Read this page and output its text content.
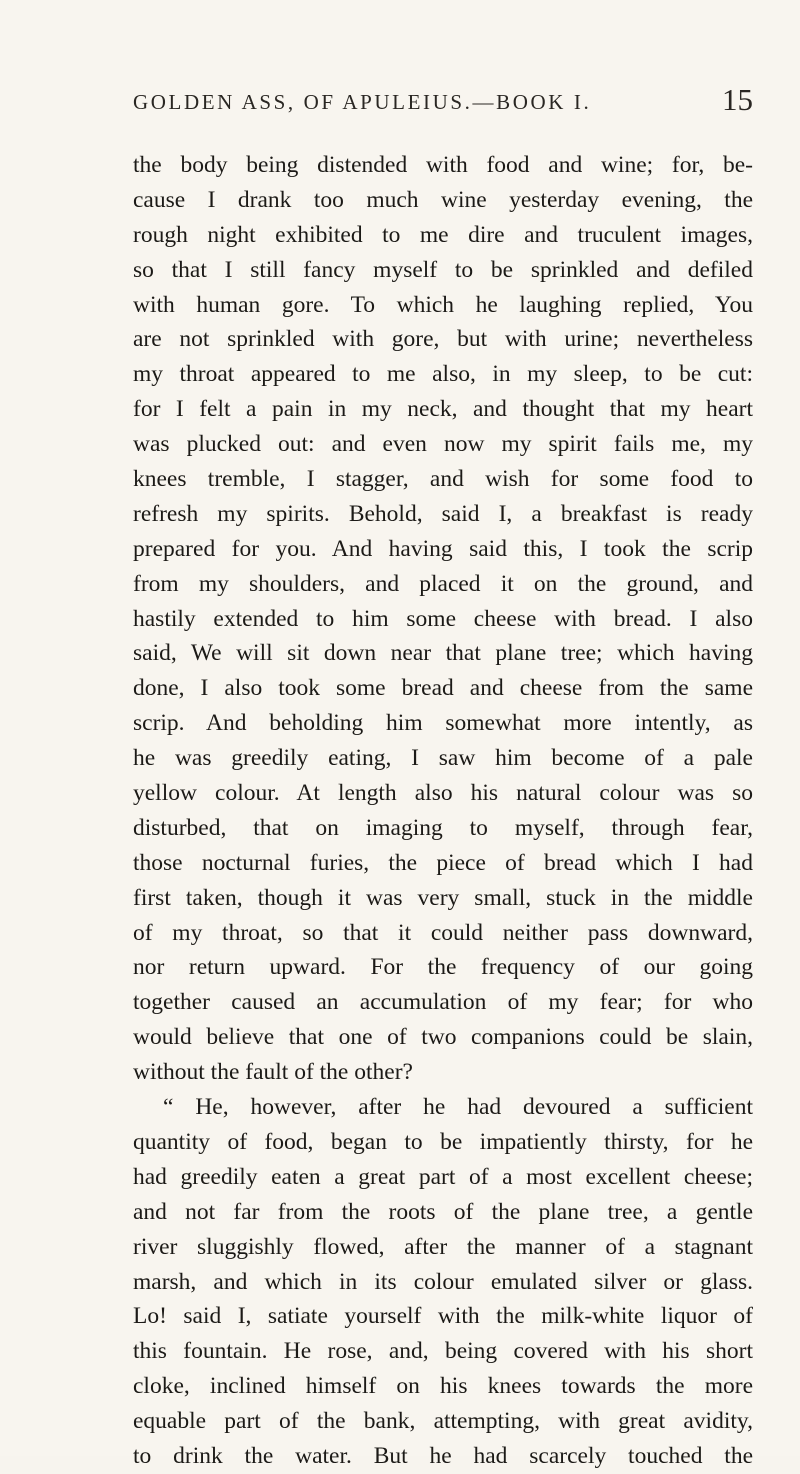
GOLDEN ASS, OF APULEIUS.—BOOK I.	15
the body being distended with food and wine; for, be-
cause I drank too much wine yesterday evening, the
rough night exhibited to me dire and truculent images,
so that I still fancy myself to be sprinkled and defiled
with human gore. To which he laughing replied, You
are not sprinkled with gore, but with urine; nevertheless
my throat appeared to me also, in my sleep, to be cut:
for I felt a pain in my neck, and thought that my heart
was plucked out: and even now my spirit fails me, my
knees tremble, I stagger, and wish for some food to
refresh my spirits. Behold, said I, a breakfast is ready
prepared for you. And having said this, I took the scrip
from my shoulders, and placed it on the ground, and
hastily extended to him some cheese with bread. I also
said, We will sit down near that plane tree; which having
done, I also took some bread and cheese from the same
scrip. And beholding him somewhat more intently, as
he was greedily eating, I saw him become of a pale
yellow colour. At length also his natural colour was so
disturbed, that on imaging to myself, through fear,
those nocturnal furies, the piece of bread which I had
first taken, though it was very small, stuck in the middle
of my throat, so that it could neither pass downward,
nor return upward. For the frequency of our going
together caused an accumulation of my fear; for who
would believe that one of two companions could be slain,
without the fault of the other?
“ He, however, after he had devoured a sufficient
quantity of food, began to be impatiently thirsty, for he
had greedily eaten a great part of a most excellent cheese;
and not far from the roots of the plane tree, a gentle
river sluggishly flowed, after the manner of a stagnant
marsh, and which in its colour emulated silver or glass.
Lo! said I, satiate yourself with the milk-white liquor of
this fountain. He rose, and, being covered with his short
cloke, inclined himself on his knees towards the more
equable part of the bank, attempting, with great avidity,
to drink the water. But he had scarcely touched the
